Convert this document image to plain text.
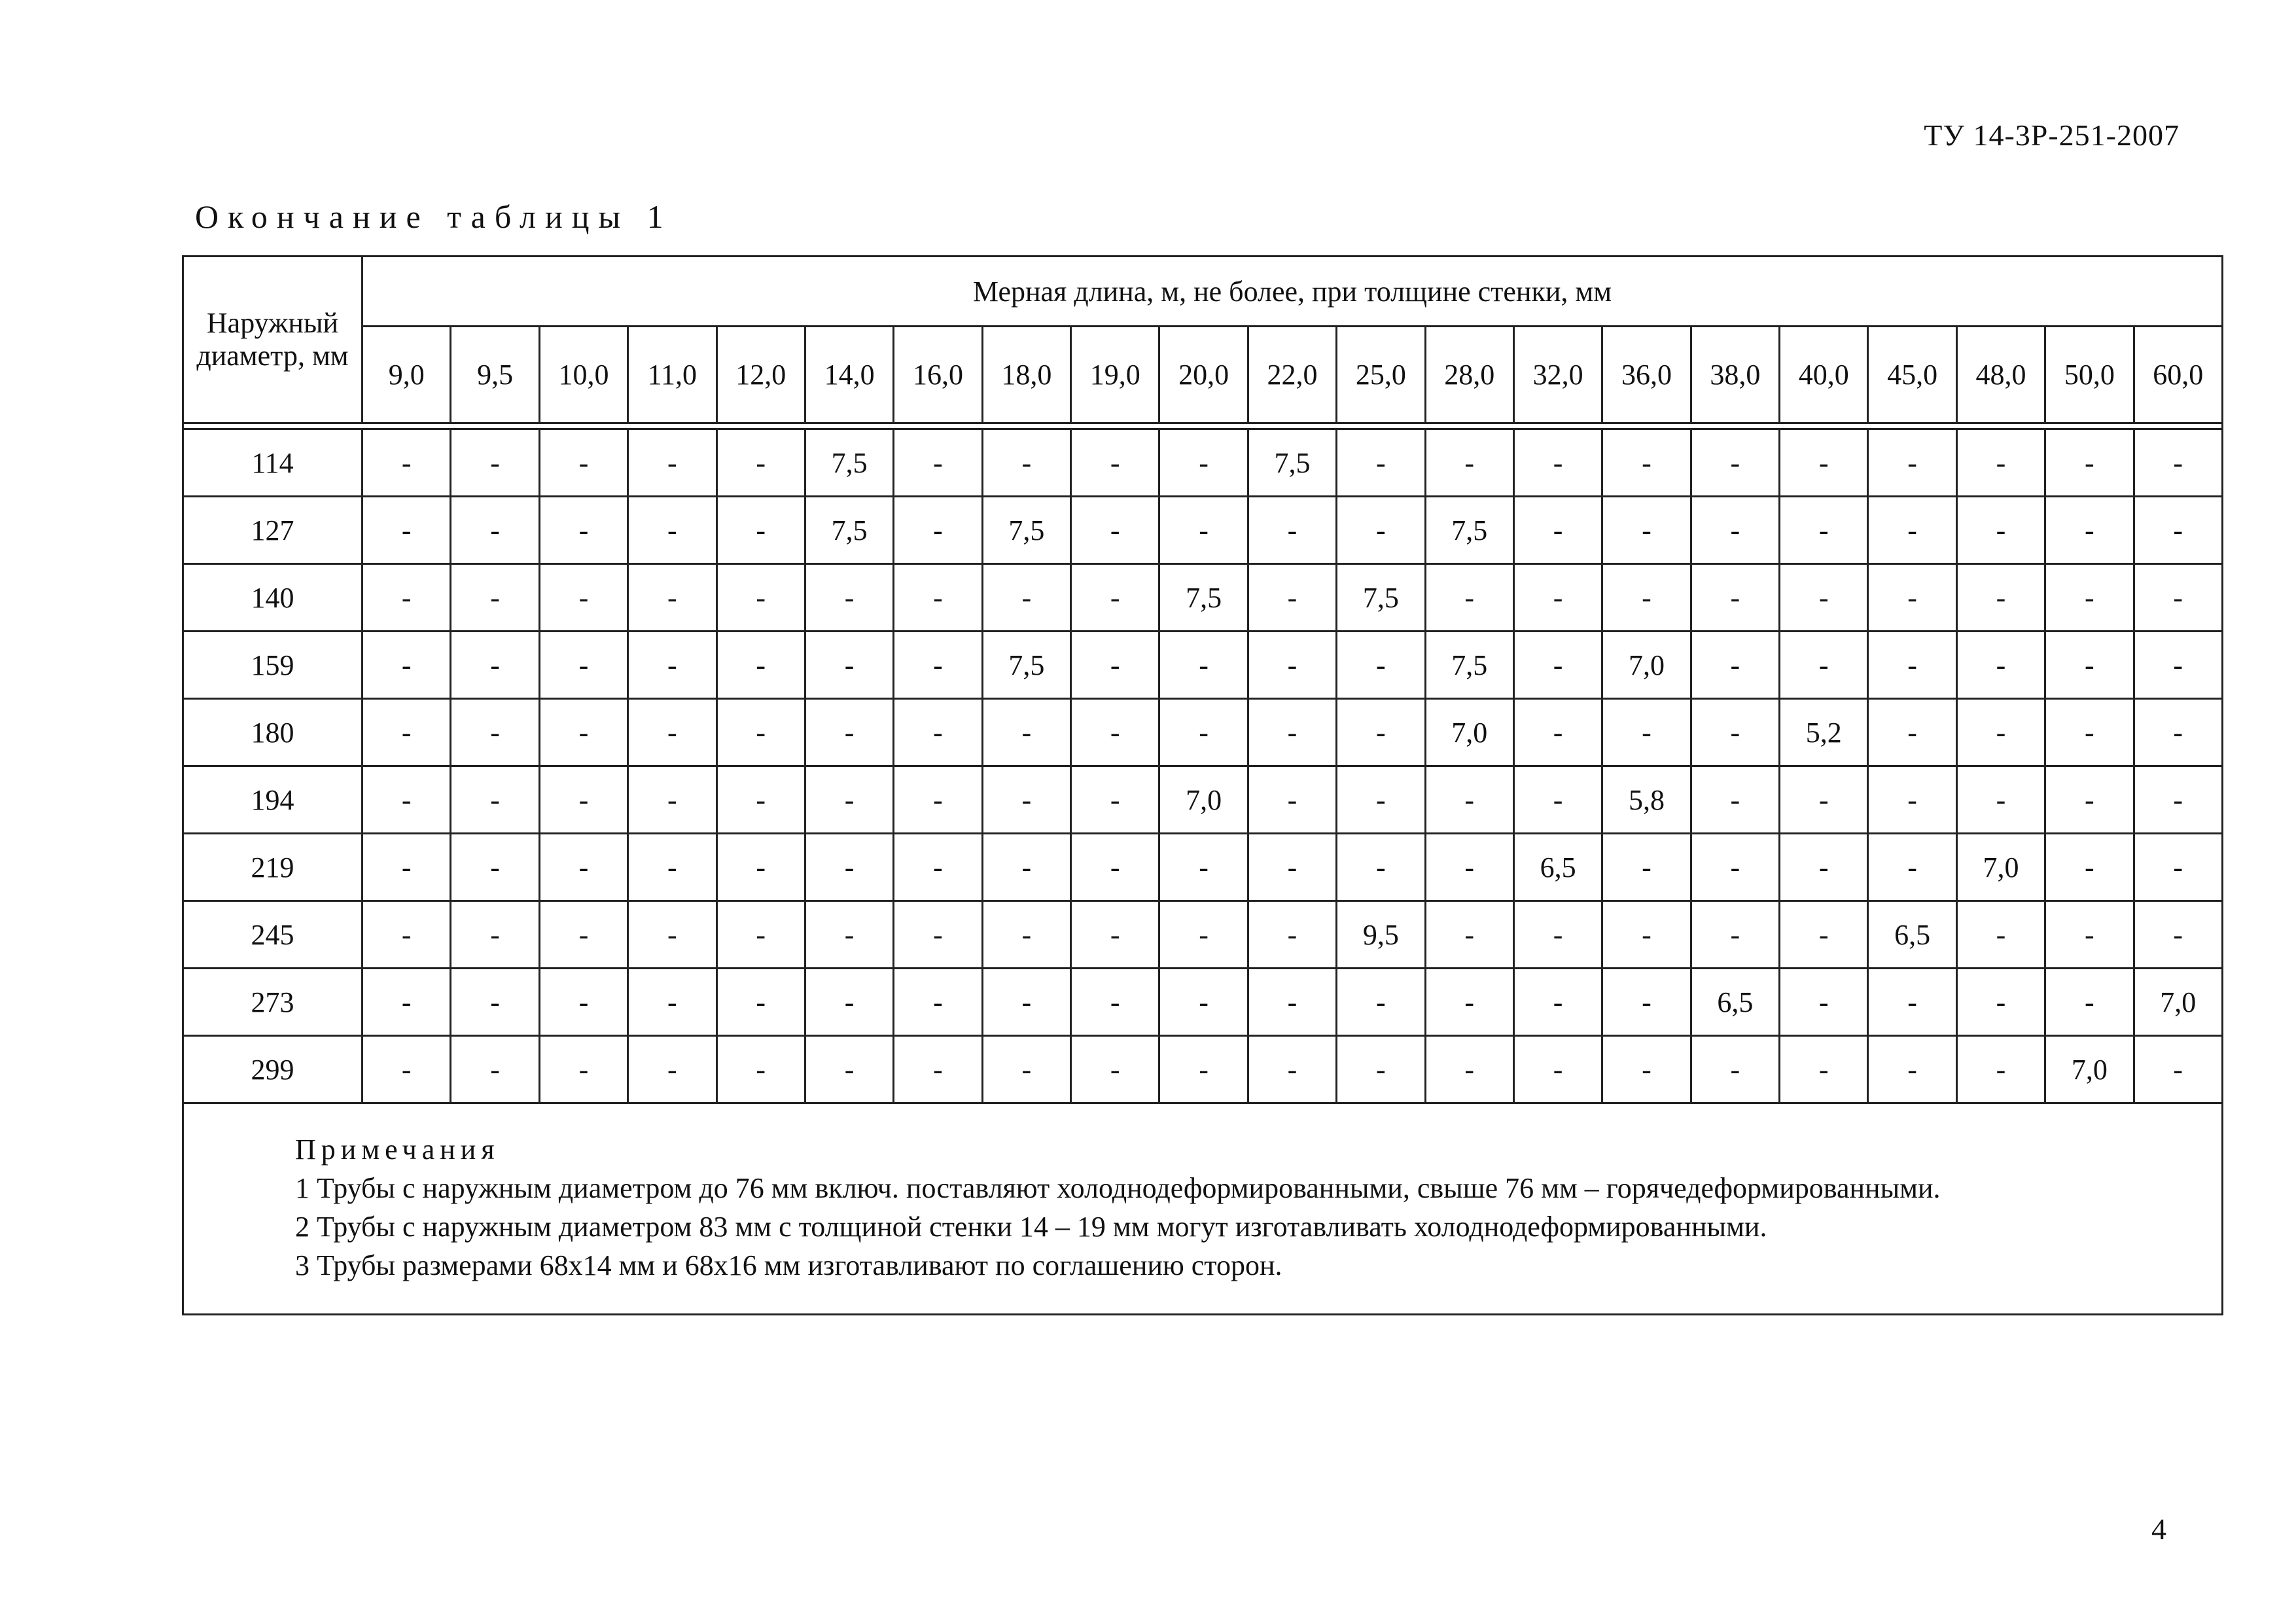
ТУ 14-3Р-251-2007
Окончание таблицы 1
Наружный диаметр, мм	Мерная длина, м, не более, при толщине стенки, мм																				
	9,0	9,5	10,0	11,0	12,0	14,0	16,0	18,0	19,0	20,0	22,0	25,0	28,0	32,0	36,0	38,0	40,0	45,0	48,0	50,0	60,0

114	-	-	-	-	-	7,5	-	-	-	-	7,5	-	-	-	-	-	-	-	-	-	-
127	-	-	-	-	-	7,5	-	7,5	-	-	-	-	7,5	-	-	-	-	-	-	-	-
140	-	-	-	-	-	-	-	-	-	7,5	-	7,5	-	-	-	-	-	-	-	-	-
159	-	-	-	-	-	-	-	7,5	-	-	-	-	7,5	-	7,0	-	-	-	-	-	-
180	-	-	-	-	-	-	-	-	-	-	-	-	7,0	-	-	-	5,2	-	-	-	-
194	-	-	-	-	-	-	-	-	-	7,0	-	-	-	-	5,8	-	-	-	-	-	-
219	-	-	-	-	-	-	-	-	-	-	-	-	-	6,5	-	-	-	-	7,0	-	-
245	-	-	-	-	-	-	-	-	-	-	-	9,5	-	-	-	-	-	6,5	-	-	-
273	-	-	-	-	-	-	-	-	-	-	-	-	-	-	-	6,5	-	-	-	-	7,0
299	-	-	-	-	-	-	-	-	-	-	-	-	-	-	-	-	-	-	-	7,0	-

Примечания
1 Трубы с наружным диаметром до 76 мм включ. поставляют холоднодеформированными, свыше 76 мм – горячедеформированными.
2 Трубы с наружным диаметром 83 мм с толщиной стенки 14 – 19 мм могут изготавливать холоднодеформированными.
3 Трубы размерами 68х14 мм и 68х16 мм изготавливают по соглашению сторон.																					
4
